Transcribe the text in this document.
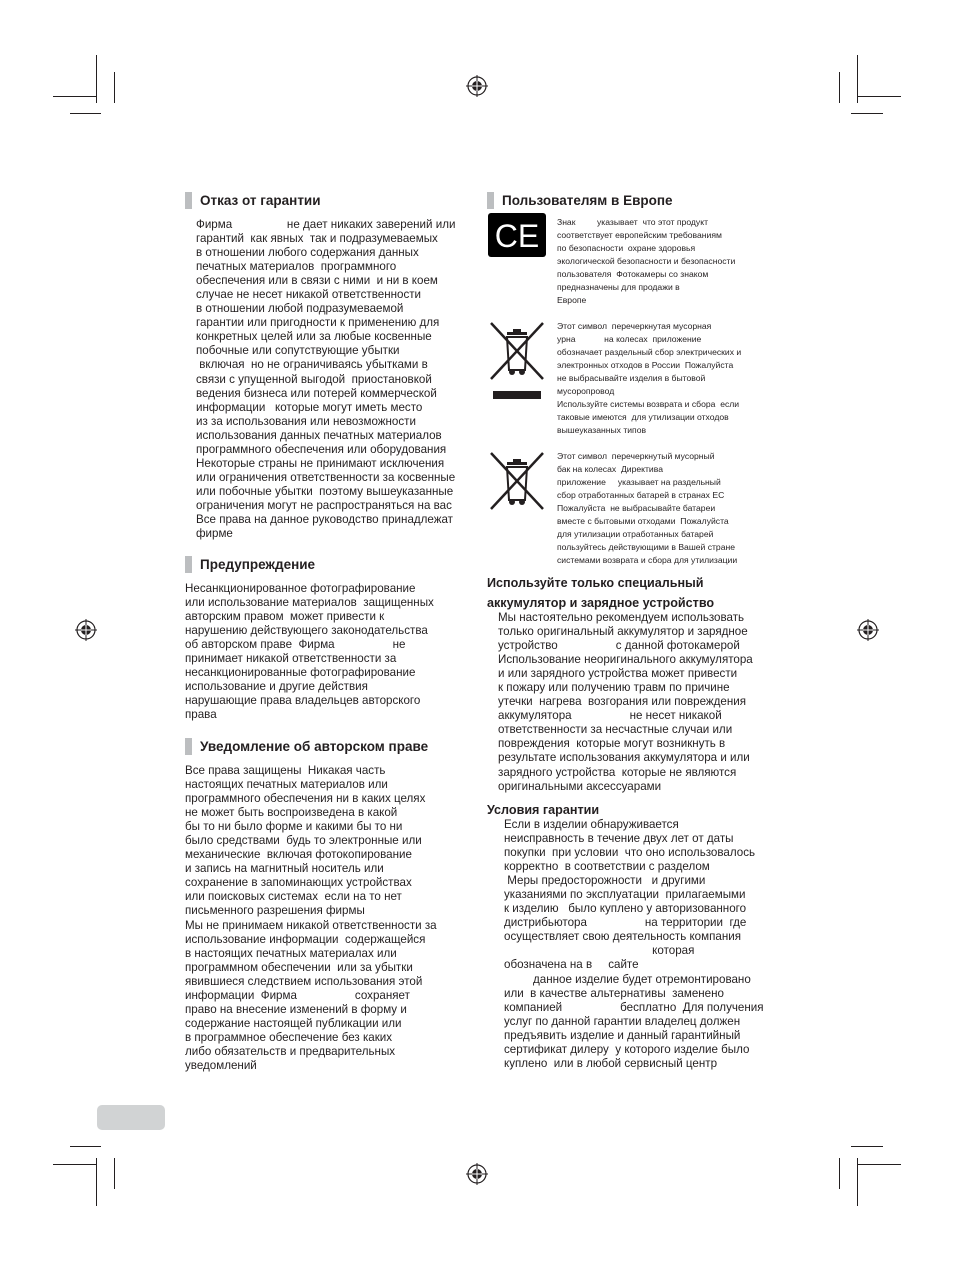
Отказ от гарантии
Фирма                 не дает никаких заверений или
гарантий  как явных  так и подразумеваемых
в отношении любого содержания данных
печатных материалов  программного
обеспечения или в связи с ними  и ни в коем
случае не несет никакой ответственности
в отношении любой подразумеваемой
гарантии или пригодности к применению для
конкретных целей или за любые косвенные
побочные или сопутствующие убытки
включая  но не ограничиваясь убытками в
связи с упущенной выгодой  приостановкой
ведения бизнеса или потерей коммерческой
информации   которые могут иметь место
из за использования или невозможности
использования данных печатных материалов
программного обеспечения или оборудования
Некоторые страны не принимают исключения
или ограничения ответственности за косвенные
или побочные убытки  поэтому вышеуказанные
ограничения могут не распространяться на вас
Все права на данное руководство принадлежат
фирме
Предупреждение
Несанкционированное фотографирование
или использование материалов  защищенных
авторским правом  может привести к
нарушению действующего законодательства
об авторском праве  Фирма                  не
принимает никакой ответственности за
несанкционированные фотографирование
использование и другие действия
нарушающие права владельцев авторского
права
Уведомление об авторском праве
Все права защищены  Никакая часть
настоящих печатных материалов или
программного обеспечения ни в каких целях
не может быть воспроизведена в какой
бы то ни было форме и какими бы то ни
было средствами  будь то электронные или
механические  включая фотокопирование
и запись на магнитный носитель или
сохранение в запоминающих устройствах
или поисковых системах  если на то нет
письменного разрешения фирмы
Мы не принимаем никакой ответственности за
использование информации  содержащейся
в настоящих печатных материалах или
программном обеспечении  или за убытки
явившиеся следствием использования этой
информации  Фирма                  сохраняет
право на внесение изменений в форму и
содержание настоящей публикации или
в программное обеспечение без каких
либо обязательств и предварительных
уведомлений
Пользователям в Европе
CE Знак         указывает  что этот продукт
соответствует европейским требованиям
по безопасности  охране здоровья
экологической безопасности и безопасности
пользователя  Фотокамеры со знаком
предназначены для продажи в
Европе
Этот символ  перечеркнутая мусорная
урна            на колесах  приложение
обозначает раздельный сбор электрических и
электронных отходов в России  Пожалуйста
не выбрасывайте изделия в бытовой
мусоропровод
Используйте системы возврата и сбора  если
таковые имеются  для утилизации отходов
вышеуказанных типов
Этот символ  перечеркнутый мусорный
бак на колесах  Директива
приложение     указывает на раздельный
сбор отработанных батарей в странах ЕС
Пожалуйста  не выбрасывайте батареи
вместе с бытовыми отходами  Пожалуйста
для утилизации отработанных батарей
пользуйтесь действующими в Вашей стране
системами возврата и сбора для утилизации
Используйте только специальный
аккумулятор и зарядное устройство
Мы настоятельно рекомендуем использовать
только оригинальный аккумулятор и зарядное
устройство                  с данной фотокамерой
Использование неоригинального аккумулятора
и или зарядного устройства может привести
к пожару или получению травм по причине
утечки  нагрева  возгорания или повреждения
аккумулятора                  не несет никакой
ответственности за несчастные случаи или
повреждения  которые могут возникнуть в
результате использования аккумулятора и или
зарядного устройства  которые не являются
оригинальными аксессуарами
Условия гарантии
Если в изделии обнаруживается
неисправность в течение двух лет от даты
покупки  при условии  что оно использовалось
корректно  в соответствии с разделом
Меры предосторожности   и другими
указаниями по эксплуатации  прилагаемыми
к изделию   было куплено у авторизованного
дистрибьютора                  на территории  где
осуществляет свою деятельность компания
которая
обозначена на в     сайте
данное изделие будет отремонтировано
или  в качестве альтернативы  заменено
компанией                  бесплатно  Для получения
услуг по данной гарантии владелец должен
предъявить изделие и данный гарантийный
сертификат дилеру  у которого изделие было
куплено  или в любой сервисный центр
